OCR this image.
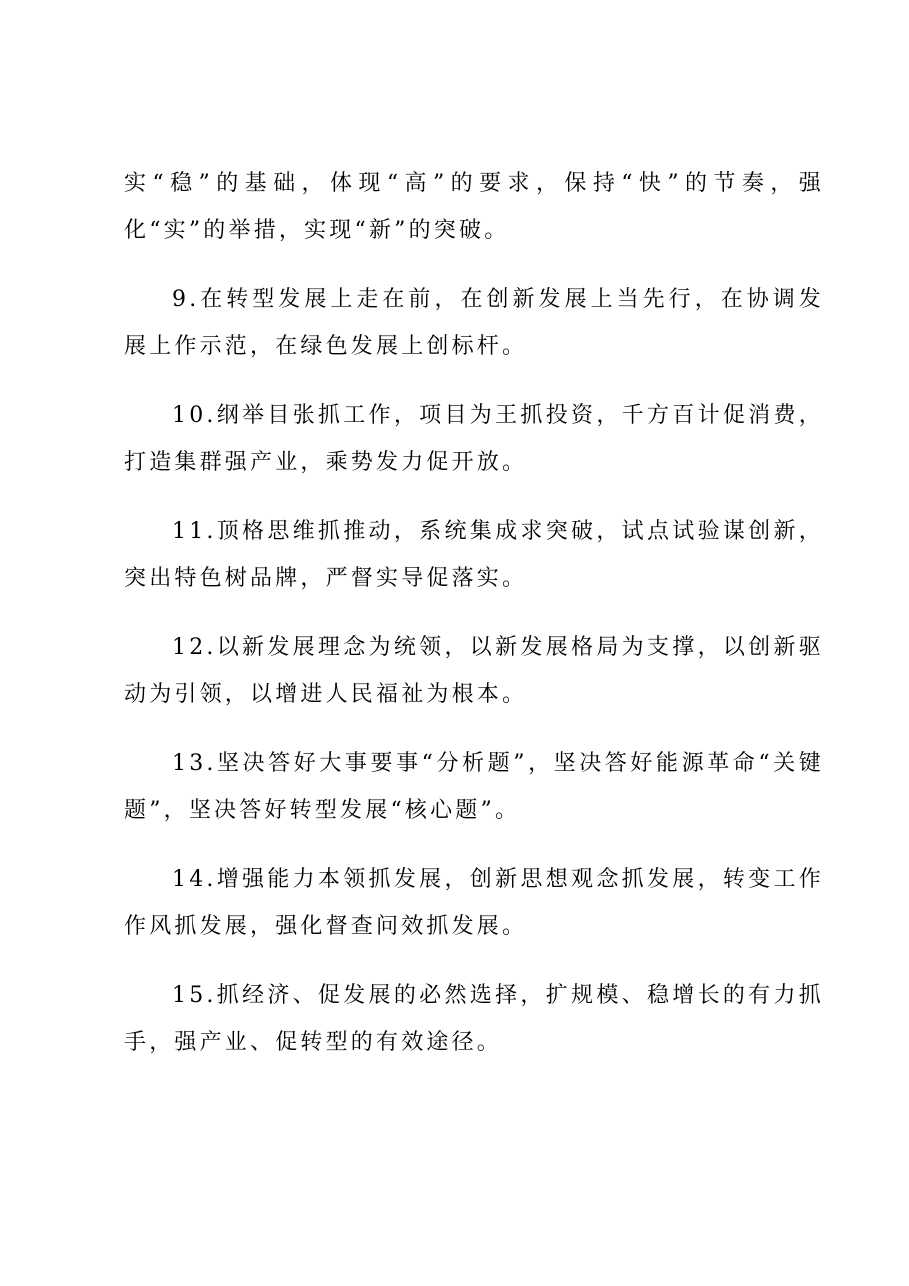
实“稳”的基础，体现“高”的要求，保持“快”的节奏，强化“实”的举措，实现“新”的突破。

9.在转型发展上走在前，在创新发展上当先行，在协调发展上作示范，在绿色发展上创标杆。

10.纲举目张抓工作，项目为王抓投资，千方百计促消费，打造集群强产业，乘势发力促开放。

11.顶格思维抓推动，系统集成求突破，试点试验谋创新，突出特色树品牌，严督实导促落实。

12.以新发展理念为统领，以新发展格局为支撑，以创新驱动为引领，以增进人民福祉为根本。

13.坚决答好大事要事“分析题”，坚决答好能源革命“关键题”，坚决答好转型发展“核心题”。

14.增强能力本领抓发展，创新思想观念抓发展，转变工作作风抓发展，强化督查问效抓发展。

15.抓经济、促发展的必然选择，扩规模、稳增长的有力抓手，强产业、促转型的有效途径。
